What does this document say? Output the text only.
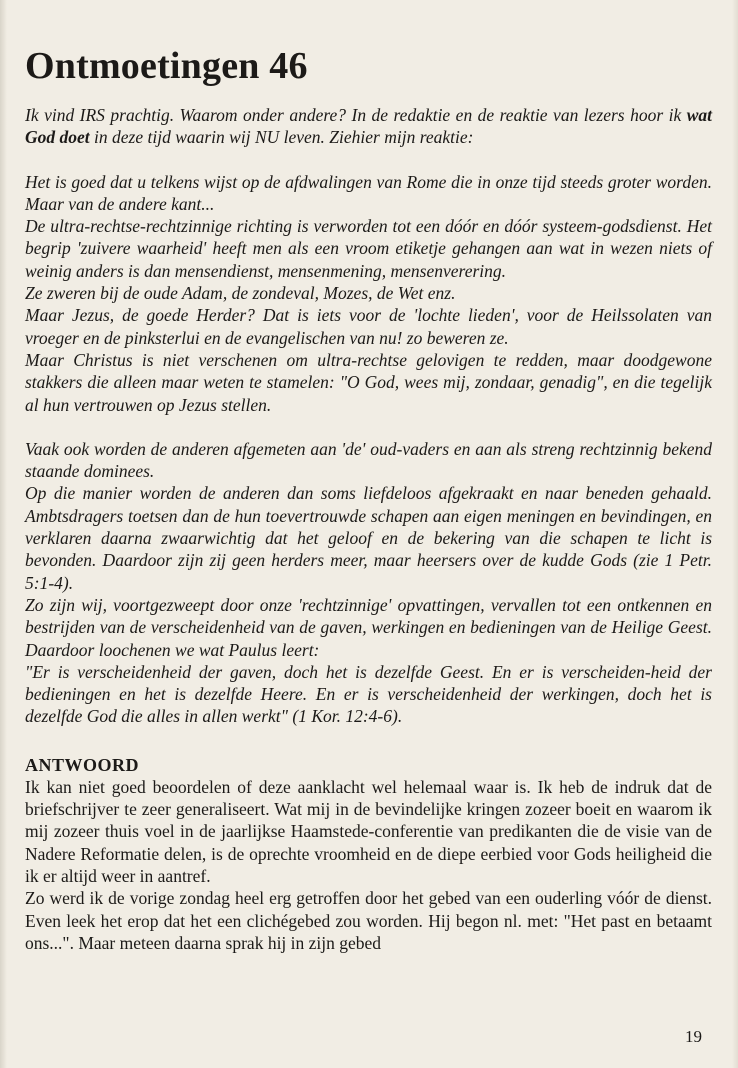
Ontmoetingen 46

Ik vind IRS prachtig. Waarom onder andere? In de redaktie en de reaktie van lezers hoor ik wat God doet in deze tijd waarin wij NU leven. Ziehier mijn reaktie:

Het is goed dat u telkens wijst op de afdwalingen van Rome die in onze tijd steeds groter worden. Maar van de andere kant...

De ultra-rechtse-rechtzinnige richting is verworden tot een dóór en dóór systeem-godsdienst. Het begrip 'zuivere waarheid' heeft men als een vroom etiketje gehangen aan wat in wezen niets of weinig anders is dan mensendienst, mensenmening, mensenverering.

Ze zweren bij de oude Adam, de zondeval, Mozes, de Wet enz.

Maar Jezus, de goede Herder? Dat is iets voor de 'lochte lieden', voor de Heilssolaten van vroeger en de pinksterlui en de evangelischen van nu! zo beweren ze.

Maar Christus is niet verschenen om ultra-rechtse gelovigen te redden, maar doodgewone stakkers die alleen maar weten te stamelen: "O God, wees mij, zondaar, genadig", en die tegelijk al hun vertrouwen op Jezus stellen.

Vaak ook worden de anderen afgemeten aan 'de' oud-vaders en aan als streng rechtzinnig bekend staande dominees.

Op die manier worden de anderen dan soms liefdeloos afgekraakt en naar beneden gehaald. Ambtsdragers toetsen dan de hun toevertrouwde schapen aan eigen meningen en bevindingen, en verklaren daarna zwaarwichtig dat het geloof en de bekering van die schapen te licht is bevonden. Daardoor zijn zij geen herders meer, maar heersers over de kudde Gods (zie 1 Petr. 5:1-4).

Zo zijn wij, voortgezweept door onze 'rechtzinnige' opvattingen, vervallen tot een ontkennen en bestrijden van de verscheidenheid van de gaven, werkingen en bedieningen van de Heilige Geest. Daardoor loochenen we wat Paulus leert:

"Er is verscheidenheid der gaven, doch het is dezelfde Geest. En er is verscheiden-heid der bedieningen en het is dezelfde Heere. En er is verscheidenheid der werkingen, doch het is dezelfde God die alles in allen werkt" (1 Kor. 12:4-6).

ANTWOORD

Ik kan niet goed beoordelen of deze aanklacht wel helemaal waar is. Ik heb de indruk dat de briefschrijver te zeer generaliseert. Wat mij in de bevindelijke kringen zozeer boeit en waarom ik mij zozeer thuis voel in de jaarlijkse Haamstede-conferentie van predikanten die de visie van de Nadere Reformatie delen, is de oprechte vroomheid en de diepe eerbied voor Gods heiligheid die ik er altijd weer in aantref.

Zo werd ik de vorige zondag heel erg getroffen door het gebed van een ouderling vóór de dienst. Even leek het erop dat het een clichégebed zou worden. Hij begon nl. met: "Het past en betaamt ons...". Maar meteen daarna sprak hij in zijn gebed

19
